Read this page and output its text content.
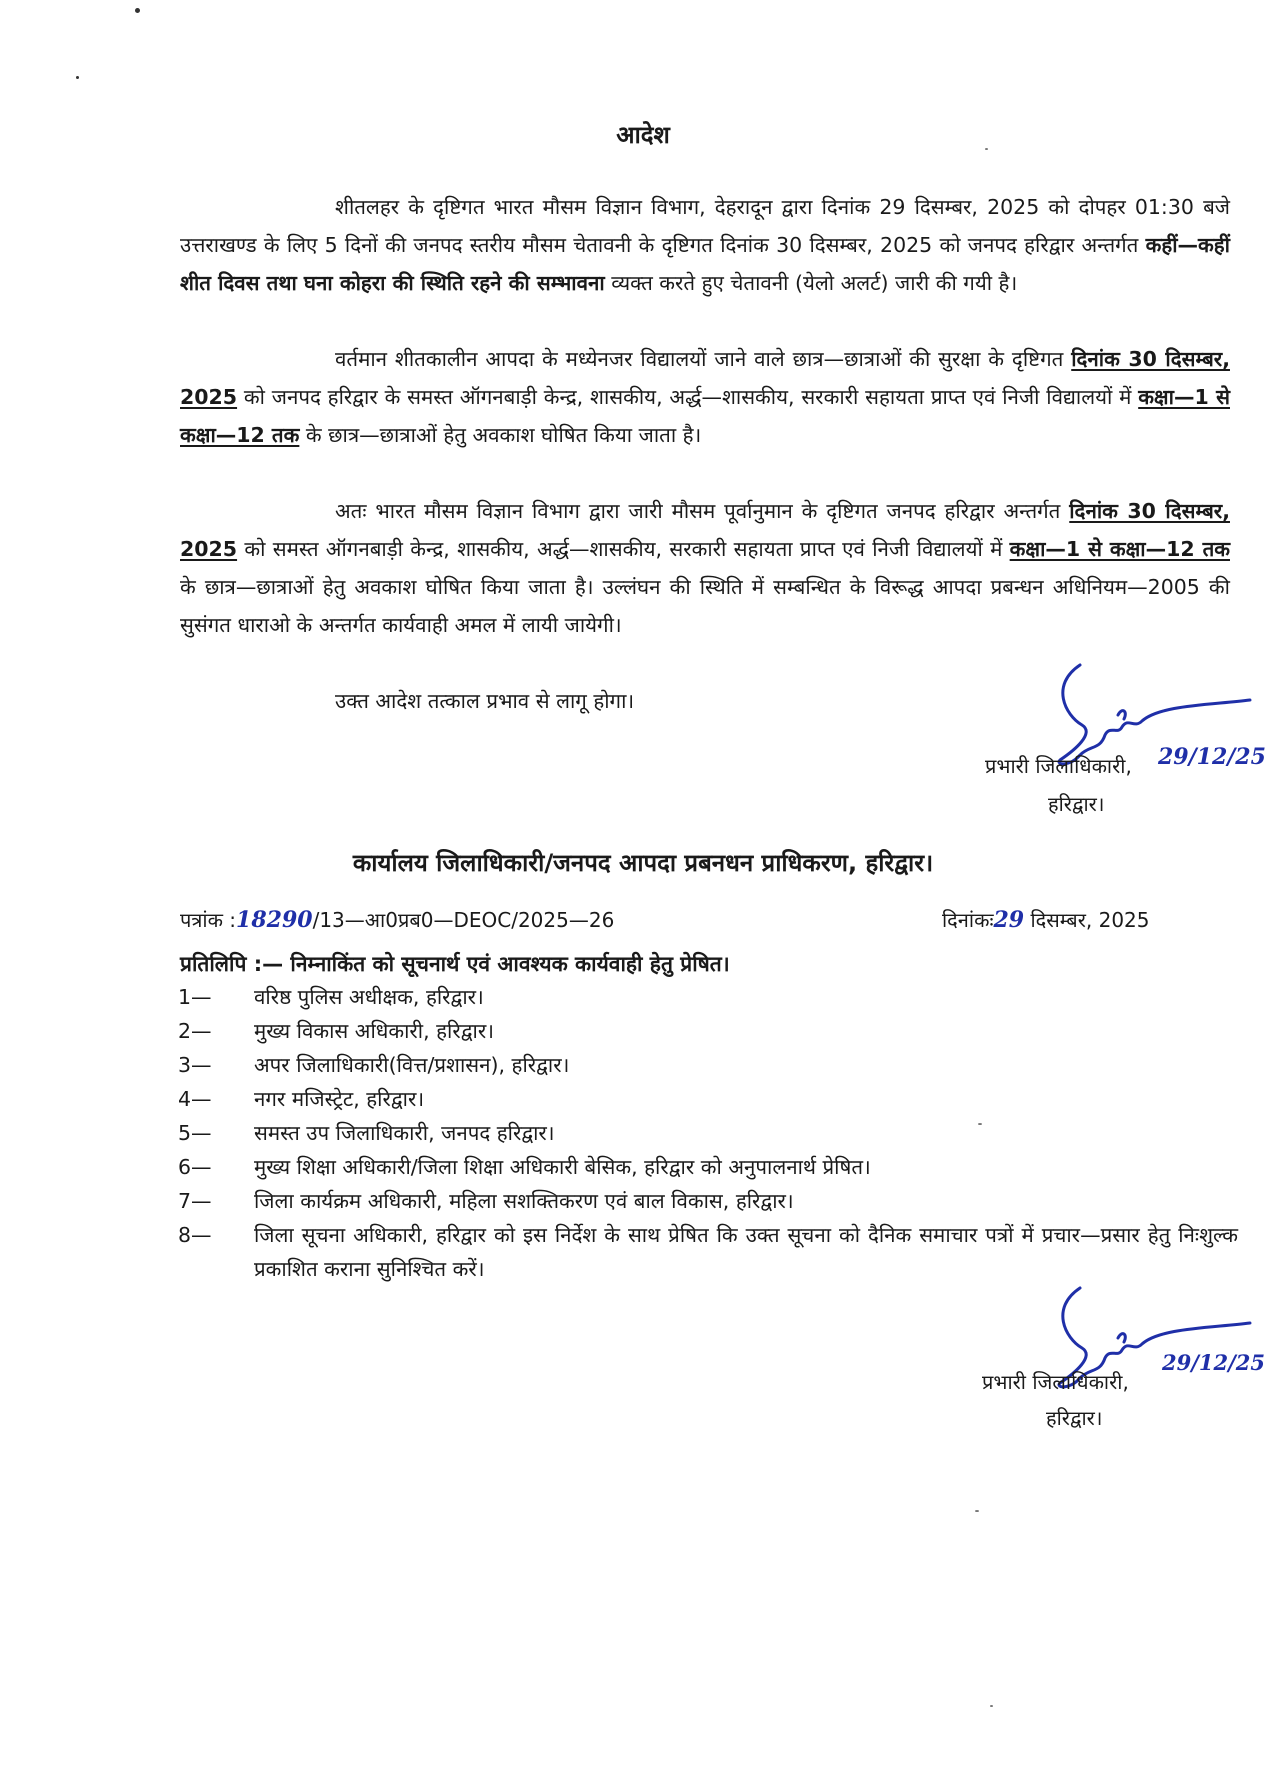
आदेश

शीतलहर के दृष्टिगत भारत मौसम विज्ञान विभाग, देहरादून द्वारा दिनांक 29 दिसम्बर, 2025 को दोपहर 01:30 बजे उत्तराखण्ड के लिए 5 दिनों की जनपद स्तरीय मौसम चेतावनी के दृष्टिगत दिनांक 30 दिसम्बर, 2025 को जनपद हरिद्वार अन्तर्गत कहीं—कहीं शीत दिवस तथा घना कोहरा की स्थिति रहने की सम्भावना व्यक्त करते हुए चेतावनी (येलो अलर्ट) जारी की गयी है।

वर्तमान शीतकालीन आपदा के मध्येनजर विद्यालयों जाने वाले छात्र—छात्राओं की सुरक्षा के दृष्टिगत दिनांक 30 दिसम्बर, 2025 को जनपद हरिद्वार के समस्त ऑगनबाड़ी केन्द्र, शासकीय, अर्द्ध—शासकीय, सरकारी सहायता प्राप्त एवं निजी विद्यालयों में कक्षा—1 से कक्षा—12 तक के छात्र—छात्राओं हेतु अवकाश घोषित किया जाता है।

अतः भारत मौसम विज्ञान विभाग द्वारा जारी मौसम पूर्वानुमान के दृष्टिगत जनपद हरिद्वार अन्तर्गत दिनांक 30 दिसम्बर, 2025 को समस्त ऑगनबाड़ी केन्द्र, शासकीय, अर्द्ध—शासकीय, सरकारी सहायता प्राप्त एवं निजी विद्यालयों में कक्षा—1 से कक्षा—12 तक के छात्र—छात्राओं हेतु अवकाश घोषित किया जाता है। उल्लंघन की स्थिति में सम्बन्धित के विरूद्ध आपदा प्रबन्धन अधिनियम—2005 की सुसंगत धाराओ के अन्तर्गत कार्यवाही अमल में लायी जायेगी।

उक्त आदेश तत्काल प्रभाव से लागू होगा।

प्रभारी जिलाधिकारी, 29/12/25
हरिद्वार।
कार्यालय जिलाधिकारी/जनपद आपदा प्रबनधन प्राधिकरण, हरिद्वार।
पत्रांक :18290/13—आ0प्रब0—DEOC/2025—26	दिनांकः29 दिसम्बर, 2025
प्रतिलिपि :— निम्नाकिंत को सूचनार्थ एवं आवश्यक कार्यवाही हेतु प्रेषित।
1—	वरिष्ठ पुलिस अधीक्षक, हरिद्वार।
2—	मुख्य विकास अधिकारी, हरिद्वार।
3—	अपर जिलाधिकारी(वित्त/प्रशासन), हरिद्वार।
4—	नगर मजिस्ट्रेट, हरिद्वार।
5—	समस्त उप जिलाधिकारी, जनपद हरिद्वार।
6—	मुख्य शिक्षा अधिकारी/जिला शिक्षा अधिकारी बेसिक, हरिद्वार को अनुपालनार्थ प्रेषित।
7—	जिला कार्यक्रम अधिकारी, महिला सशक्तिकरण एवं बाल विकास, हरिद्वार।
8—	जिला सूचना अधिकारी, हरिद्वार को इस निर्देश के साथ प्रेषित कि उक्त सूचना को दैनिक समाचार पत्रों में प्रचार—प्रसार हेतु निःशुल्क प्रकाशित कराना सुनिश्चित करें।
प्रभारी जिलाधिकारी,
29/12/25
हरिद्वार।
